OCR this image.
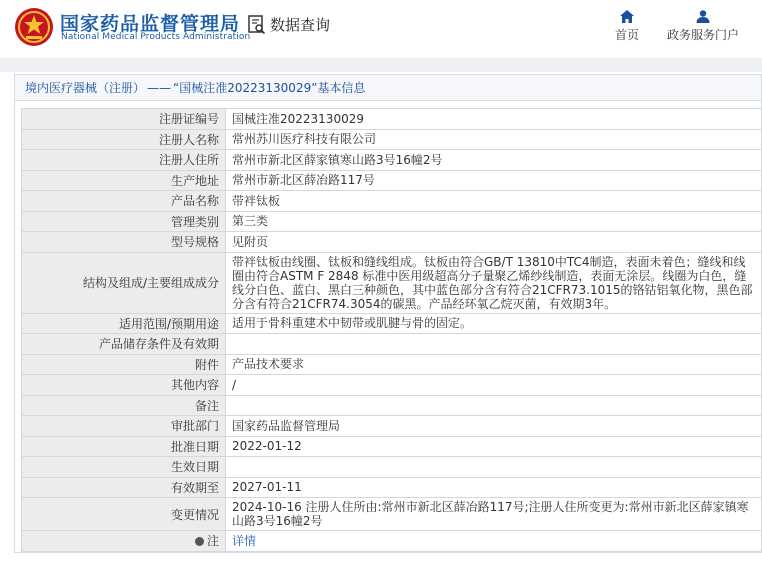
国家药品监督管理局
National Medical Products Administration
数据查询
首页	政务服务门户
境内医疗器械（注册） —— “国械注准20223130029”基本信息
注册证编号	国械注准20223130029
注册人名称	常州苏川医疗科技有限公司
注册人住所	常州市新北区薛家镇寒山路3号16幢2号
生产地址	常州市新北区薛冶路117号
产品名称	带袢钛板
管理类别	第三类
型号规格	见附页
结构及组成/主要组成成分	带袢钛板由线圈、钛板和缝线组成。钛板由符合GB/T 13810中TC4制造，表面未着色；缝线和线圈由符合ASTM F 2848 标准中医用级超高分子量聚乙烯纱线制造，表面无涂层。线圈为白色，缝线分白色、蓝白、黑白三种颜色，其中蓝色部分含有符合21CFR73.1015的铬钴铝氧化物，黑色部分含有符合21CFR74.3054的碳黑。产品经环氧乙烷灭菌，有效期3年。
适用范围/预期用途	适用于骨科重建术中韧带或肌腱与骨的固定。
产品储存条件及有效期	
附件	产品技术要求
其他内容	/
备注	
审批部门	国家药品监督管理局
批准日期	2022-01-12
生效日期	
有效期至	2027-01-11
变更情况	2024-10-16 注册人住所由:常州市新北区薛冶路117号;注册人住所变更为:常州市新北区薛家镇寒山路3号16幢2号
注	详情
